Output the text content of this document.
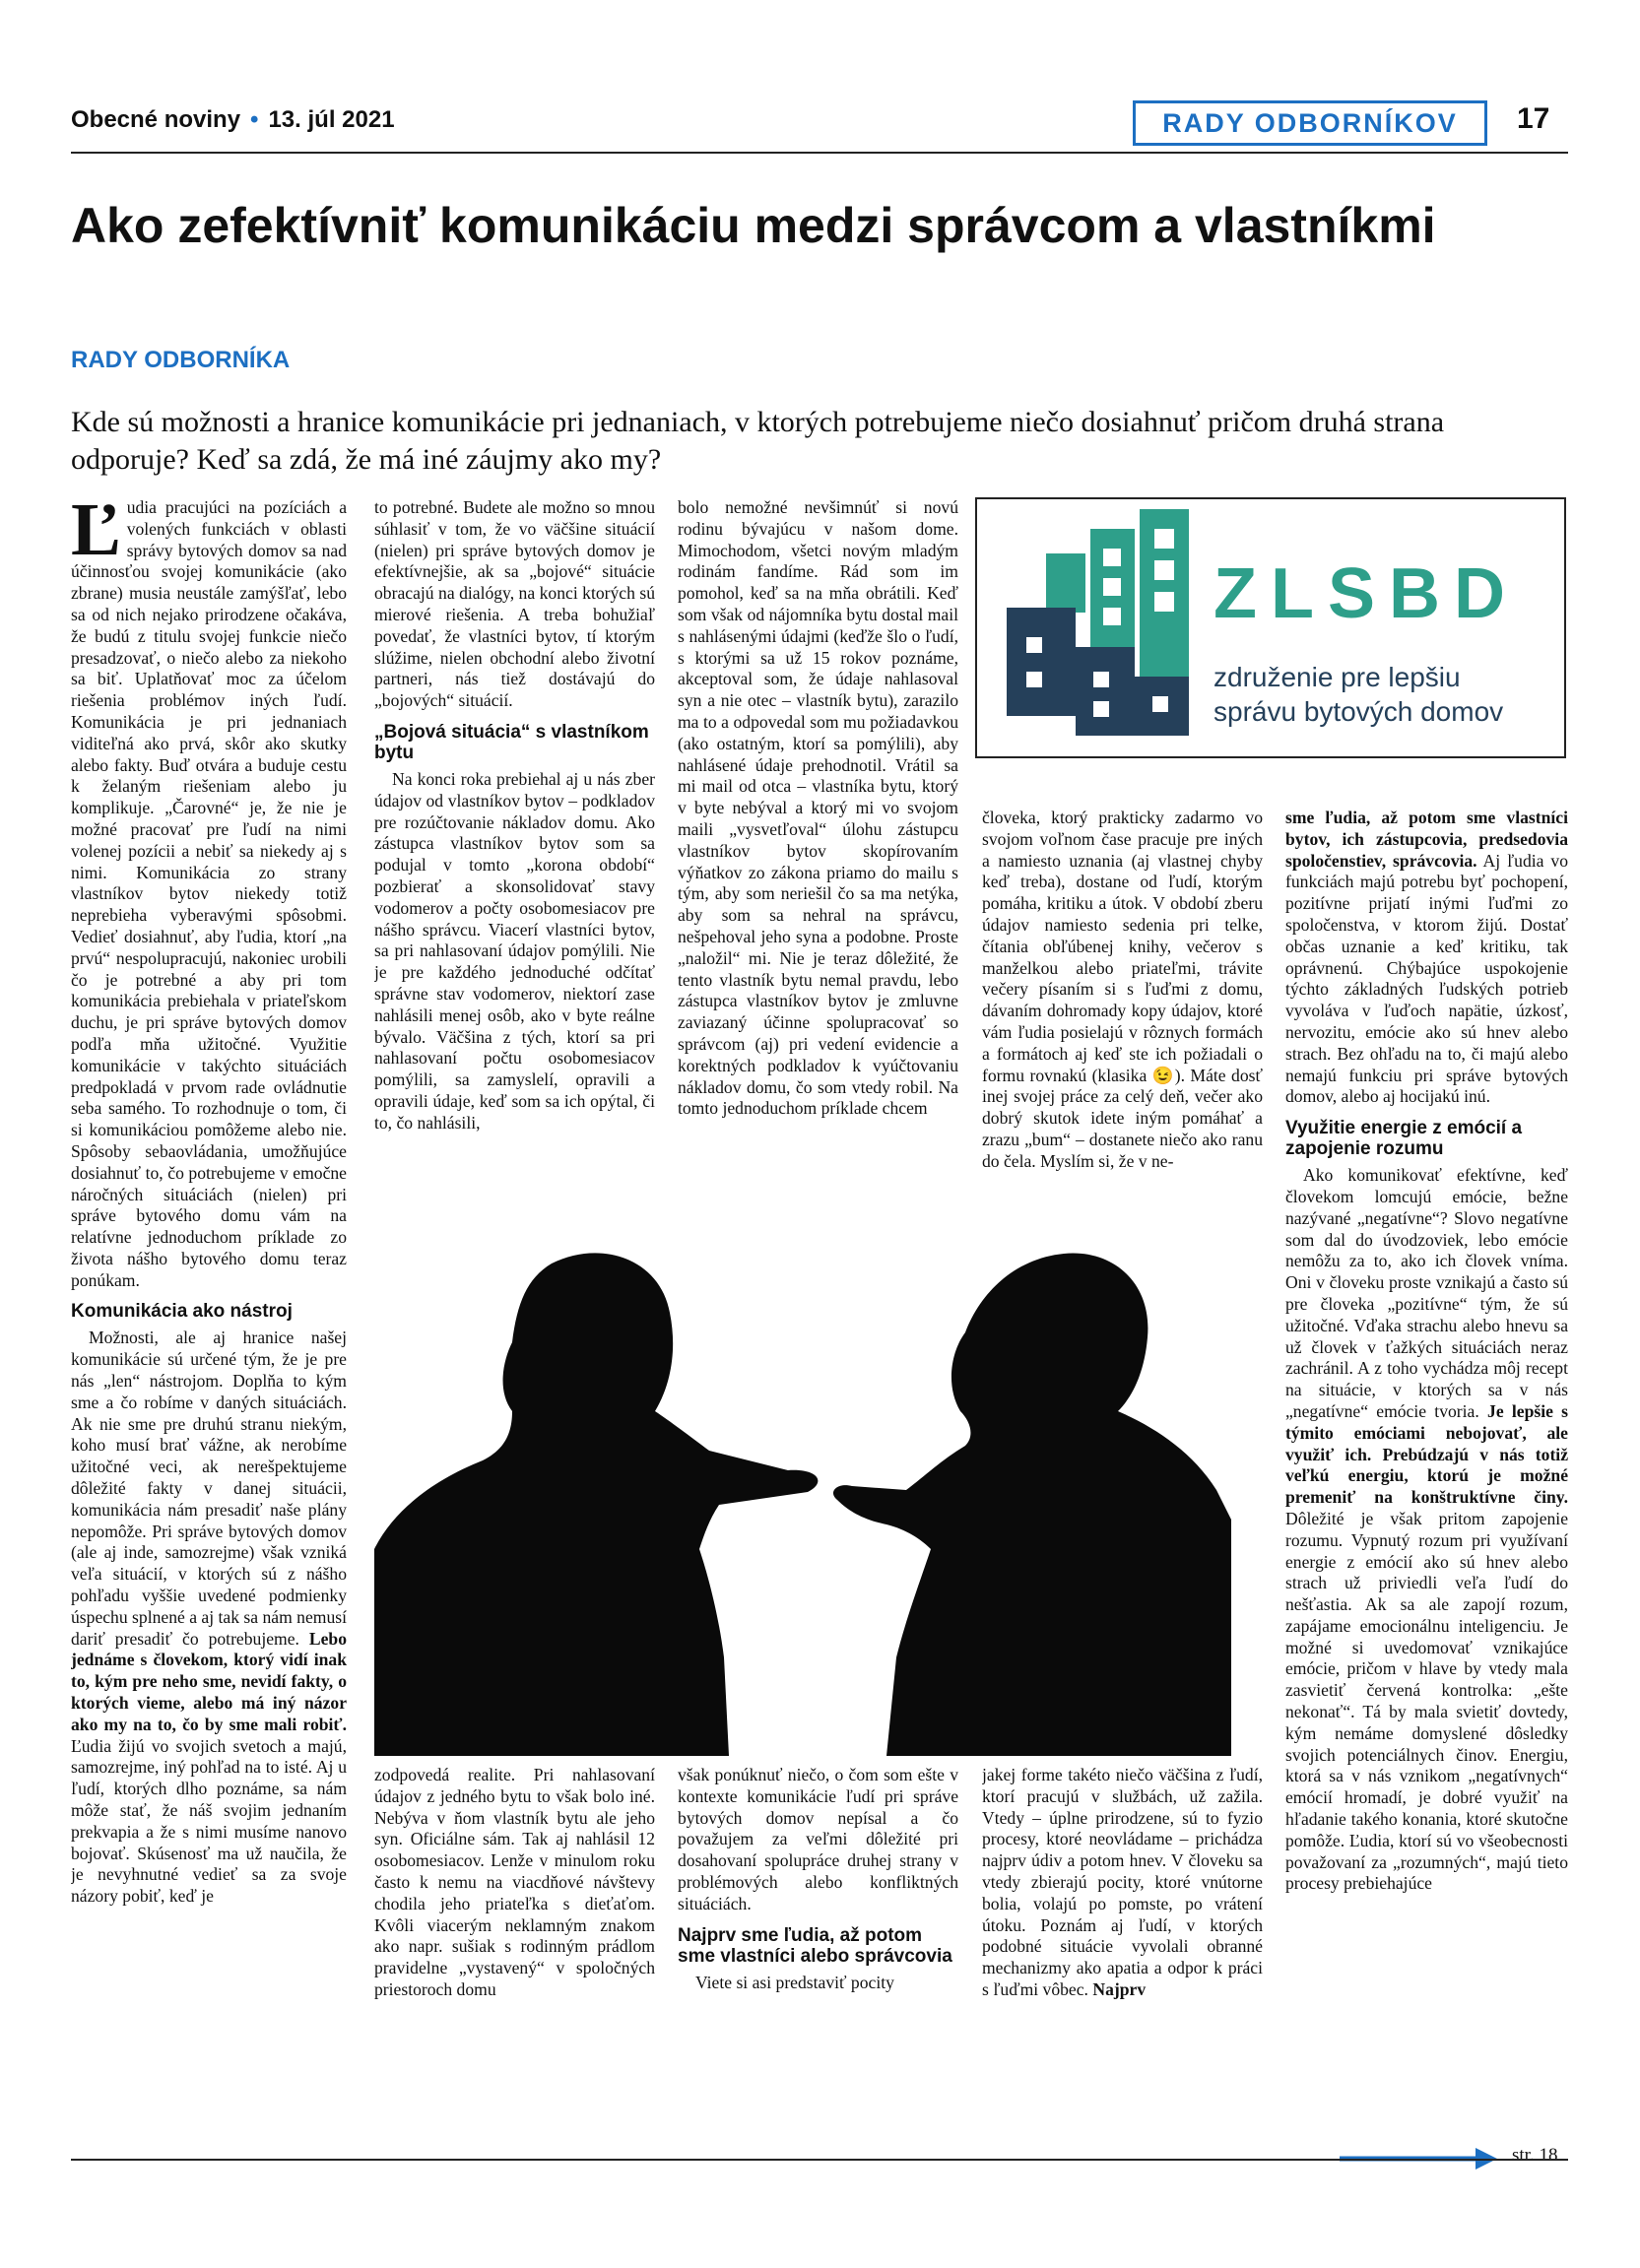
Obecné noviny • 13. júl 2021	RADY ODBORNÍKOV	17
Ako zefektívniť komunikáciu medzi správcom a vlastníkmi
RADY ODBORNÍKA

Kde sú možnosti a hranice komunikácie pri jednaniach, v ktorých potrebujeme niečo dosiahnuť pričom druhá strana odporuje? Keď sa zdá, že má iné záujmy ako my?

Ľudia pracujúci na pozíciách a volených funkciách v oblasti správy bytových domov sa nad účinnosťou svojej komunikácie (ako zbrane) musia neustále zamýšľať, lebo sa od nich nejako prirodzene očakáva, že budú z titulu svojej funkcie niečo presadzovať, o niečo alebo za niekoho sa biť. Uplatňovať moc za účelom riešenia problémov iných ľudí. Komunikácia je pri jednaniach viditeľná ako prvá, skôr ako skutky alebo fakty. Buď otvára a buduje cestu k želaným riešeniam alebo ju komplikuje. „Čarovné“ je, že nie je možné pracovať pre ľudí na nimi volenej pozícii a nebiť sa niekedy aj s nimi. Komunikácia zo strany vlastníkov bytov niekedy totiž neprebieha vyberavými spôsobmi. Vedieť dosiahnuť, aby ľudia, ktorí „na prvú“ nespolupracujú, nakoniec urobili čo je potrebné a aby pri tom komunikácia prebiehala v priateľskom duchu, je pri správe bytových domov podľa mňa užitočné. Využitie komunikácie v takýchto situáciách predpokladá v prvom rade ovládnutie seba samého. To rozhodnuje o tom, či si komunikáciou pomôžeme alebo nie. Spôsoby sebaovládania, umožňujúce dosiahnuť to, čo potrebujeme v emočne náročných situáciách (nielen) pri správe bytového domu vám na relatívne jednoduchom príklade zo života nášho bytového domu teraz ponúkam.

Komunikácia ako nástroj

Možnosti, ale aj hranice našej komunikácie sú určené tým, že je pre nás „len“ nástrojom. Doplňa to kým sme a čo robíme v daných situáciách. Ak nie sme pre druhú stranu niekým, koho musí brať vážne, ak nerobíme užitočné veci, ak nerešpektujeme dôležité fakty v danej situácii, komunikácia nám presadiť naše plány nepomôže. Pri správe bytových domov (ale aj inde, samozrejme) však vzniká veľa situácií, v ktorých sú z nášho pohľadu vyššie uvedené podmienky úspechu splnené a aj tak sa nám nemusí dariť presadiť čo potrebujeme. Lebo jednáme s človekom, ktorý vidí inak to, kým pre neho sme, nevidí fakty, o ktorých vieme, alebo má iný názor ako my na to, čo by sme mali robiť. Ľudia žijú vo svojich svetoch a majú, samozrejme, iný pohľad na to isté. Aj u ľudí, ktorých dlho poznáme, sa nám môže stať, že náš svojim jednaním prekvapia a že s nimi musíme nanovo bojovať. Skúsenosť ma už naučila, že je nevyhnutné vedieť sa za svoje názory pobiť, keď je

to potrebné. Budete ale možno so mnou súhlasiť v tom, že vo väčšine situácií (nielen) pri správe bytových domov je efektívnejšie, ak sa „bojové“ situácie obracajú na dialógy, na konci ktorých sú mierové riešenia. A treba bohužiaľ povedať, že vlastníci bytov, tí ktorým slúžime, nielen obchodní alebo životní partneri, nás tiež dostávajú do „bojových“ situácií.

„Bojová situácia“ s vlastníkom bytu

Na konci roka prebiehal aj u nás zber údajov od vlastníkov bytov – podkladov pre rozúčtovanie nákladov domu. Ako zástupca vlastníkov bytov som sa podujal v tomto „korona období“ pozbierať a skonsolidovať stavy vodomerov a počty osobomesiacov pre nášho správcu. Viacerí vlastníci bytov, sa pri nahlasovaní údajov pomýlili. Nie je pre každého jednoduché odčítať správne stav vodomerov, niektorí zase nahlásili menej osôb, ako v byte reálne bývalo. Väčšina z tých, ktorí sa pri nahlasovaní počtu osobomesiacov pomýlili, sa zamyslelí, opravili a opravili údaje, keď som sa ich opýtal, či to, čo nahlásili,

zodpovedá realite. Pri nahlasovaní údajov z jedného bytu to však bolo iné. Nebýva v ňom vlastník bytu ale jeho syn. Oficiálne sám. Tak aj nahlásil 12 osobomesiacov. Lenže v minulom roku často k nemu na viacdňové návštevy chodila jeho priateľka s dieťaťom. Kvôli viacerým neklamným znakom ako napr. sušiak s rodinným prádlom pravidelne „vystavený“ v spoločných priestoroch domu

bolo nemožné nevšimnúť si novú rodinu bývajúcu v našom dome. Mimochodom, všetci novým mladým rodinám fandíme. Rád som im pomohol, keď sa na mňa obrátili. Keď som však od nájomníka bytu dostal mail s nahlásenými údajmi (keďže šlo o ľudí, s ktorými sa už 15 rokov poznáme, akceptoval som, že údaje nahlasoval syn a nie otec – vlastník bytu), zarazilo ma to a odpovedal som mu požiadavkou (ako ostatným, ktorí sa pomýlili), aby nahlásené údaje prehodnotil. Vrátil sa mi mail od otca – vlastníka bytu, ktorý v byte nebýval a ktorý mi vo svojom maili „vysvetľoval“ úlohu zástupcu vlastníkov bytov skopírovaním výňatkov zo zákona priamo do mailu s tým, aby som neriešil čo sa ma netýka, aby som sa nehral na správcu, nešpehoval jeho syna a podobne. Proste „naložil“ mi. Nie je teraz dôležité, že tento vlastník bytu nemal pravdu, lebo zástupca vlastníkov bytov je zmluvne zaviazaný účinne spolupracovať so správcom (aj) pri vedení evidencie a korektných podkladov k vyúčtovaniu nákladov domu, čo som vtedy robil. Na tomto jednoduchom príklade chcem

však ponúknuť niečo, o čom som ešte v kontexte komunikácie ľudí pri správe bytových domov nepísal a čo považujem za veľmi dôležité pri dosahovaní spolupráce druhej strany v problémových alebo konfliktných situáciách.

Najprv sme ľudia, až potom sme vlastníci alebo správcovia

Viete si asi predstaviť pocity

ZLSBD
združenie pre lepšiu
správu bytových domov

človeka, ktorý prakticky zadarmo vo svojom voľnom čase pracuje pre iných a namiesto uznania (aj vlastnej chyby keď treba), dostane od ľudí, ktorým pomáha, kritiku a útok. V období zberu údajov namiesto sedenia pri telke, čítania obľúbenej knihy, večerov s manželkou alebo priateľmi, trávite večery písaním si s ľuďmi z domu, dávaním dohromady kopy údajov, ktoré vám ľudia posielajú v rôznych formách a formátoch aj keď ste ich požiadali o formu rovnakú (klasika 😉). Máte dosť inej svojej práce za celý deň, večer ako dobrý skutok idete iným pomáhať a zrazu „bum“ – dostanete niečo ako ranu do čela. Myslím si, že v ne-

jakej forme takéto niečo väčšina z ľudí, ktorí pracujú v službách, už zažila. Vtedy – úplne prirodzene, sú to fyzio procesy, ktoré neovládame – prichádza najprv údiv a potom hnev. V človeku sa vtedy zbierajú pocity, ktoré vnútorne bolia, volajú po pomste, po vrátení útoku. Poznám aj ľudí, v ktorých podobné situácie vyvolali obranné mechanizmy ako apatia a odpor k práci s ľuďmi vôbec. Najprv

sme ľudia, až potom sme vlastníci bytov, ich zástupcovia, predsedovia spoločenstiev, správcovia. Aj ľudia vo funkciách majú potrebu byť pochopení, pozitívne prijatí inými ľuďmi zo spoločenstva, v ktorom žijú. Dostať občas uznanie a keď kritiku, tak oprávnenú. Chýbajúce uspokojenie týchto základných ľudských potrieb vyvoláva v ľuďoch napätie, úzkosť, nervozitu, emócie ako sú hnev alebo strach. Bez ohľadu na to, či majú alebo nemajú funkciu pri správe bytových domov, alebo aj hocijakú inú.

Využitie energie z emócií a zapojenie rozumu

Ako komunikovať efektívne, keď človekom lomcujú emócie, bežne nazývané „negatívne“? Slovo negatívne som dal do úvodzoviek, lebo emócie nemôžu za to, ako ich človek vníma. Oni v človeku proste vznikajú a často sú pre človeka „pozitívne“ tým, že sú užitočné. Vďaka strachu alebo hnevu sa už človek v ťažkých situáciách neraz zachránil. A z toho vychádza môj recept na situácie, v ktorých sa v nás „negatívne“ emócie tvoria. Je lepšie s týmito emóciami nebojovať, ale využiť ich. Prebúdzajú v nás totiž veľkú energiu, ktorú je možné premeniť na konštruktívne činy. Dôležité je však pritom zapojenie rozumu. Vypnutý rozum pri využívaní energie z emócií ako sú hnev alebo strach už priviedli veľa ľudí do nešťastia. Ak sa ale zapojí rozum, zapájame emocionálnu inteligenciu. Je možné si uvedomovať vznikajúce emócie, pričom v hlave by vtedy mala zasvietiť červená kontrolka: „ešte nekonať“. Tá by mala svietiť dovtedy, kým nemáme domyslené dôsledky svojich potenciálnych činov. Energiu, ktorá sa v nás vznikom „negatívnych“ emócií hromadí, je dobré využiť na hľadanie takého konania, ktoré skutočne pomôže. Ľudia, ktorí sú vo všeobecnosti považovaní za „rozumných“, majú tieto procesy prebiehajúce

str. 18
